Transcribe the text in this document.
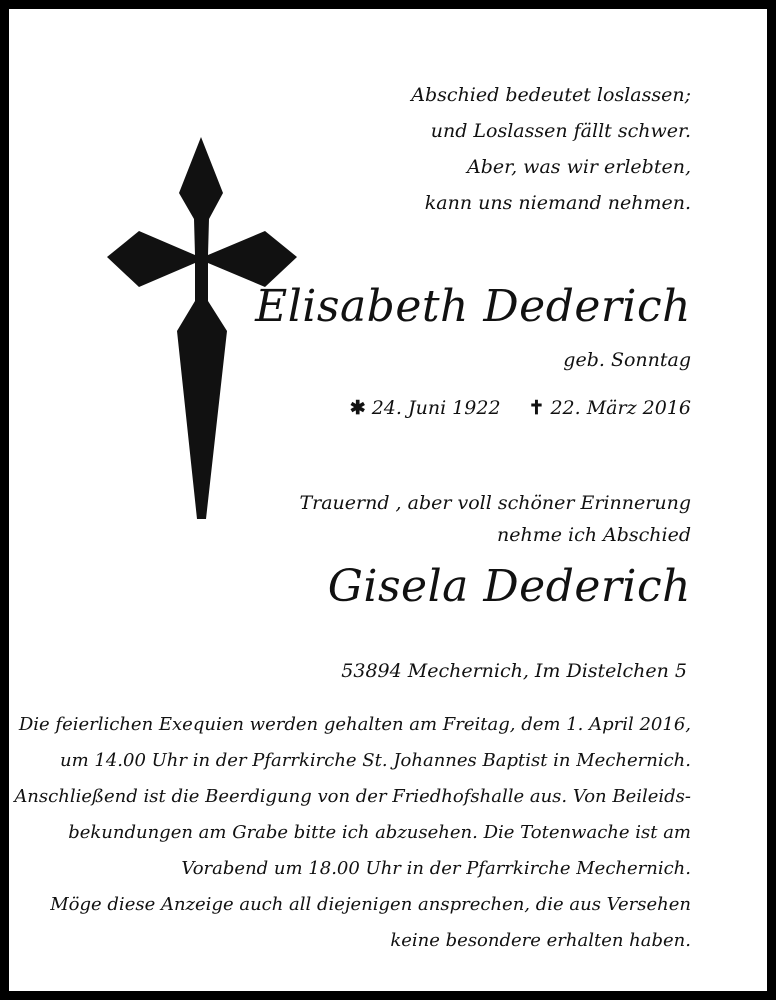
Abschied bedeutet loslassen;
und Loslassen fällt schwer.
Aber, was wir erlebten,
kann uns niemand nehmen.
Elisabeth Dederich
geb. Sonntag
✱ 24. Juni 1922 ✝ 22. März 2016
Trauernd , aber voll schöner Erinnerung
nehme ich Abschied
Gisela Dederich
53894 Mechernich, Im Distelchen 5
Die feierlichen Exequien werden gehalten am Freitag, dem 1. April 2016,
um 14.00 Uhr in der Pfarrkirche St. Johannes Baptist in Mechernich.
Anschließend ist die Beerdigung von der Friedhofshalle aus. Von Beileids-
bekundungen am Grabe bitte ich abzusehen. Die Totenwache ist am
Vorabend um 18.00 Uhr in der Pfarrkirche Mechernich.
Möge diese Anzeige auch all diejenigen ansprechen, die aus Versehen
keine besondere erhalten haben.
